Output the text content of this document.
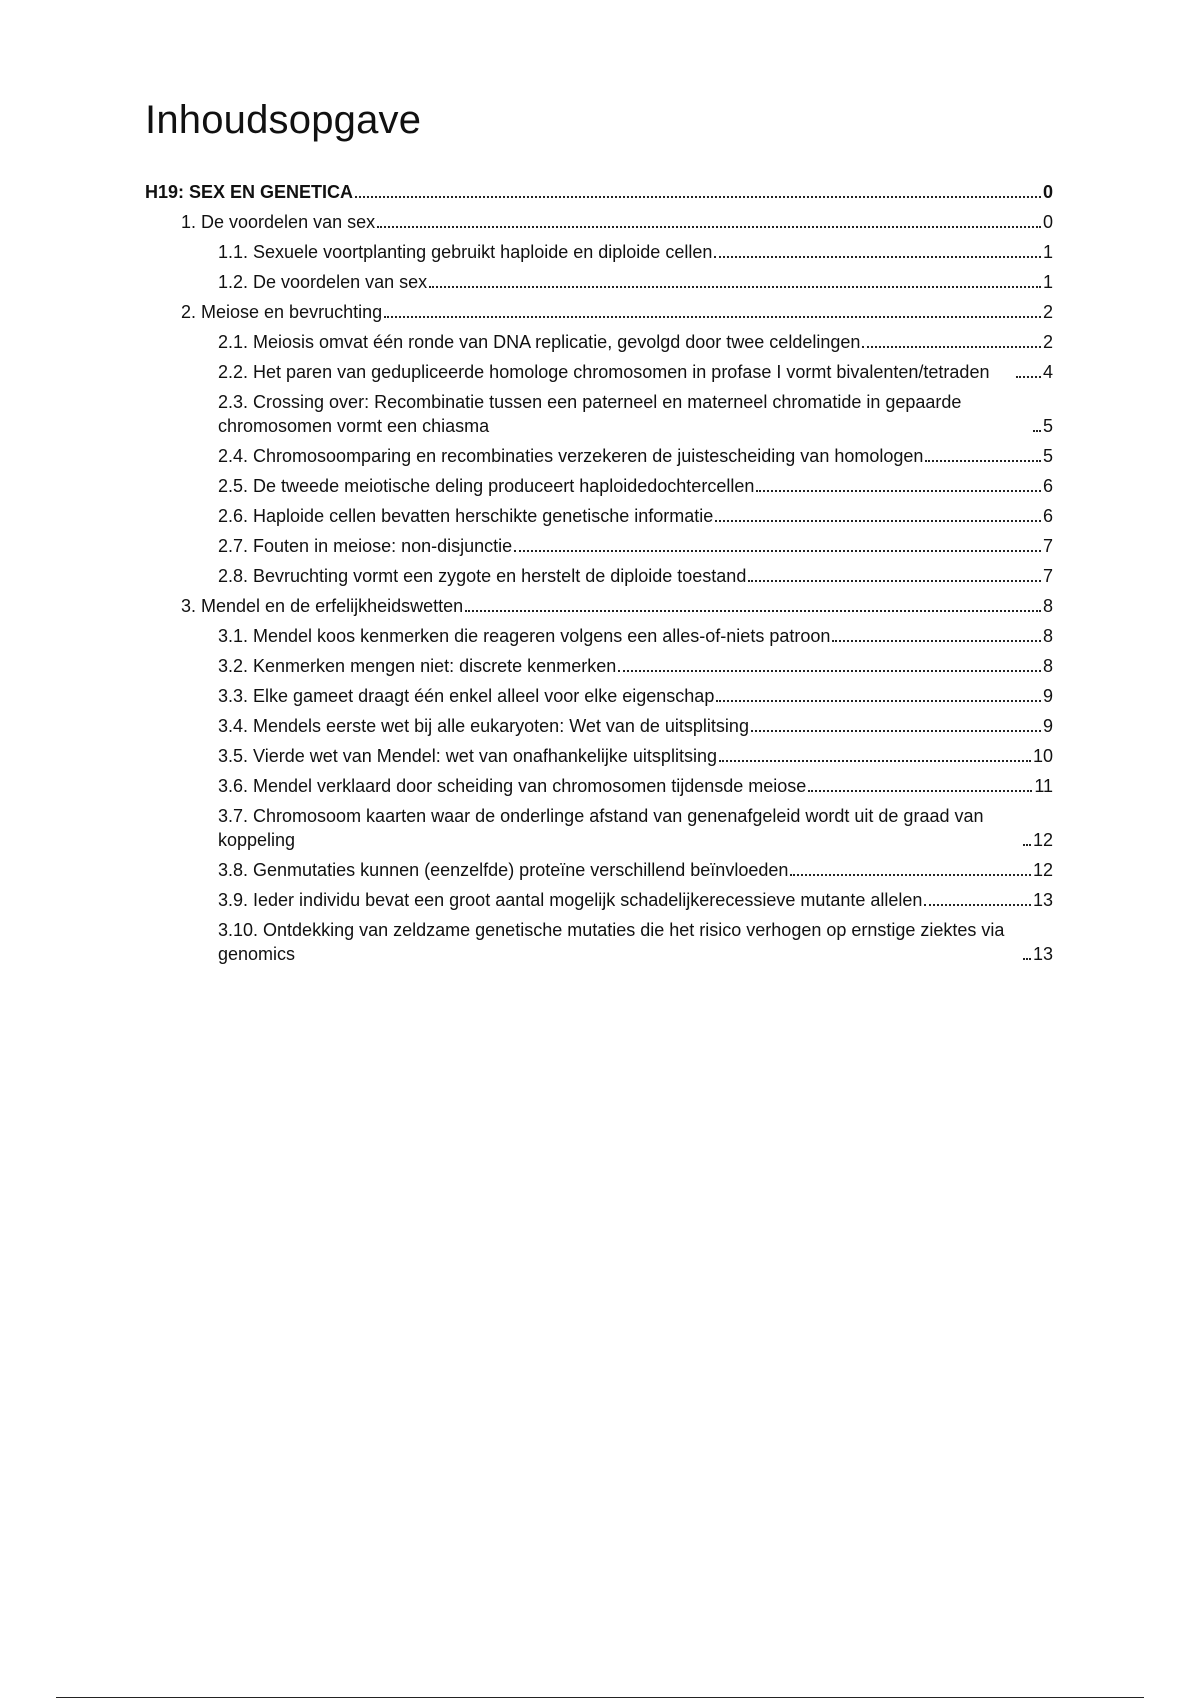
Inhoudsopgave
H19: SEX EN GENETICA	0
1. De voordelen van sex	0
1.1. Sexuele voortplanting gebruikt haploide en diploide cellen	1
1.2. De voordelen van sex	1
2. Meiose en bevruchting	2
2.1. Meiosis omvat één ronde van DNA replicatie, gevolgd door twee celdelingen	2
2.2. Het paren van gedupliceerde homologe chromosomen in profase I vormt bivalenten/tetraden	4
2.3. Crossing over: Recombinatie tussen een paterneel en materneel chromatide in gepaarde chromosomen vormt een chiasma	5
2.4. Chromosoomparing en recombinaties verzekeren de juistescheiding van homologen	5
2.5. De tweede meiotische deling produceert haploidedochtercellen	6
2.6. Haploide cellen bevatten herschikte genetische informatie	6
2.7. Fouten in meiose: non-disjunctie	7
2.8. Bevruchting vormt een zygote en herstelt de diploide toestand	7
3. Mendel en de erfelijkheidswetten	8
3.1. Mendel koos kenmerken die reageren volgens een alles-of-niets patroon	8
3.2. Kenmerken mengen niet: discrete kenmerken	8
3.3. Elke gameet draagt één enkel alleel voor elke eigenschap	9
3.4. Mendels eerste wet bij alle eukaryoten: Wet van de uitsplitsing	9
3.5. Vierde wet van Mendel: wet van onafhankelijke uitsplitsing	10
3.6. Mendel verklaard door scheiding van chromosomen tijdensde meiose	11
3.7. Chromosoom kaarten waar de onderlinge afstand van genenafgeleid wordt uit de graad van koppeling	12
3.8. Genmutaties kunnen (eenzelfde) proteïne verschillend beïnvloeden	12
3.9. Ieder individu bevat een groot aantal mogelijk schadelijkerecessieve mutante allelen	13
3.10. Ontdekking van zeldzame genetische mutaties die het risico verhogen op ernstige ziektes via genomics	13
